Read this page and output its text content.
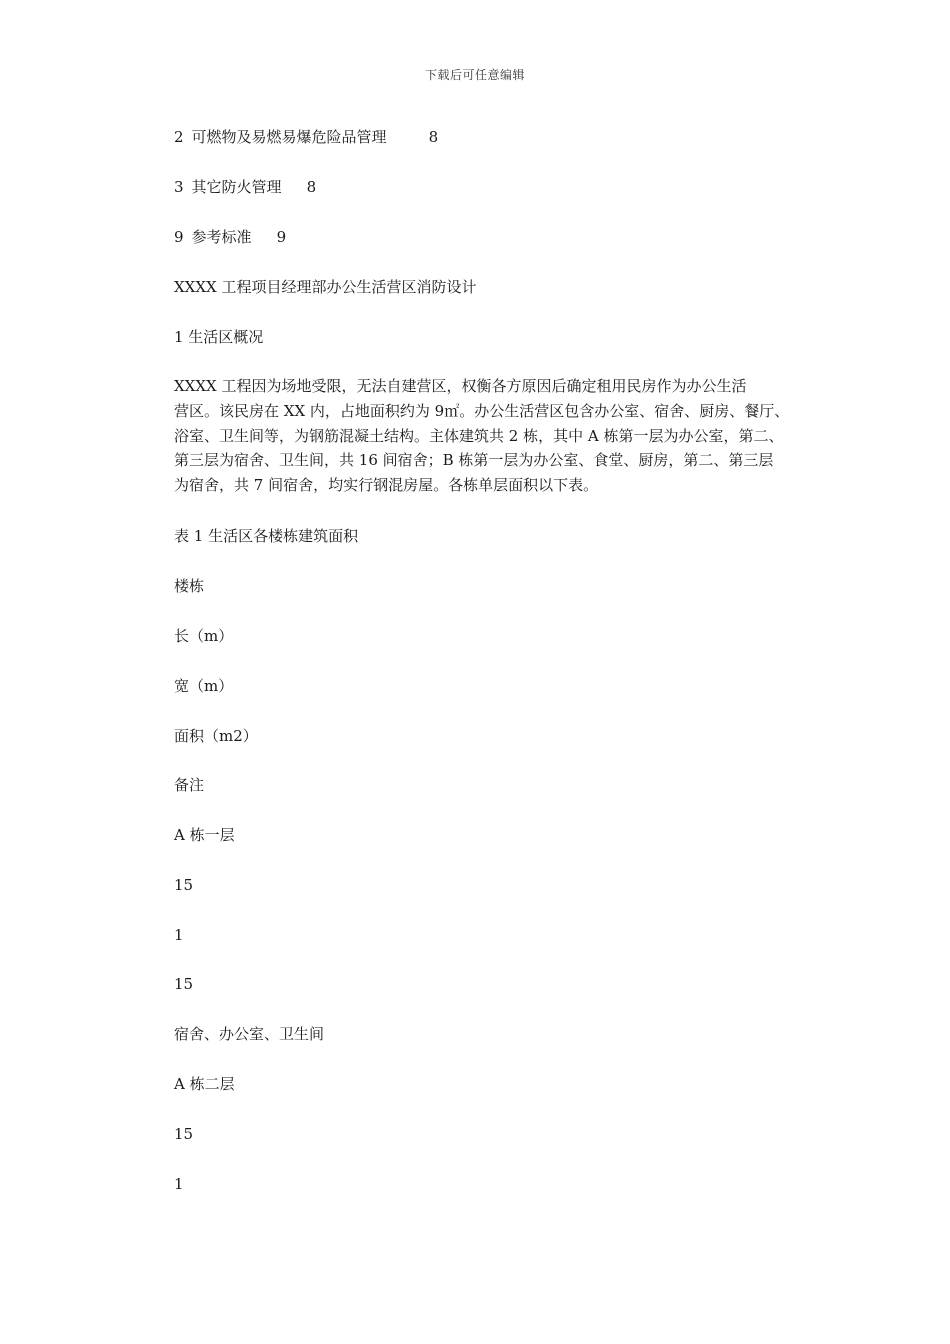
下载后可任意编辑
2 可燃物及易燃易爆危险品管理	8
3 其它防火管理 8
9 参考标准 9
XXXX 工程项目经理部办公生活营区消防设计
1 生活区概况
XXXX 工程因为场地受限，无法自建营区，权衡各方原因后确定租用民房作为办公生活
营区。该民房在 XX 内，占地面积约为 9㎡。办公生活营区包含办公室、宿舍、厨房、餐厅、
浴室、卫生间等，为钢筋混凝土结构。主体建筑共 2 栋，其中 A 栋第一层为办公室，第二、
第三层为宿舍、卫生间，共 16 间宿舍；B 栋第一层为办公室、食堂、厨房，第二、第三层
为宿舍，共 7 间宿舍，均实行钢混房屋。各栋单层面积以下表。
表 1 生活区各楼栋建筑面积
楼栋
长（m）
宽（m）
面积（m2）
备注
A 栋一层
15
1
15
宿舍、办公室、卫生间
A 栋二层
15
1
